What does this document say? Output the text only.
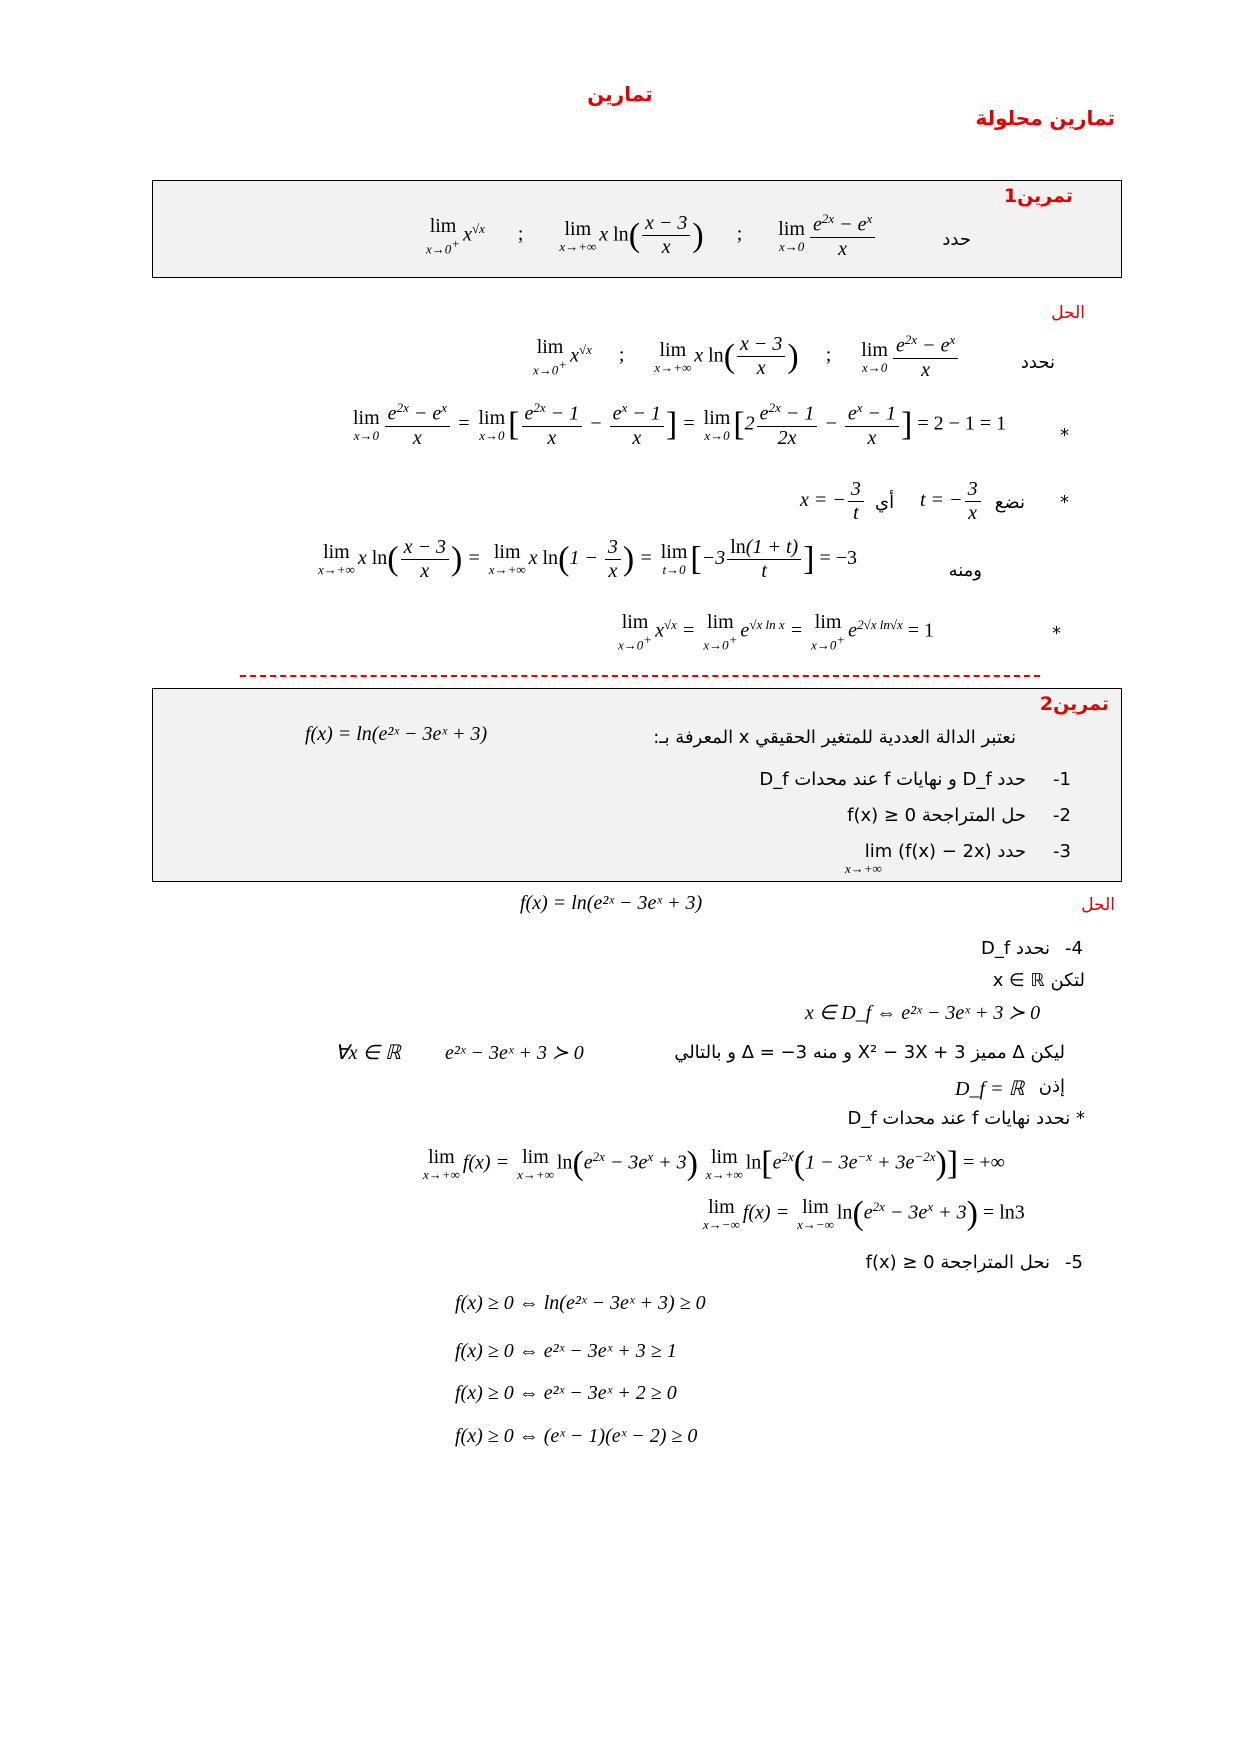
تمارين
تمارين محلولة
تمرين1
حدد
lim
x→0+ $x^{√x}$ ; lim
x→+∞
x $\ln( \frac{x - 3}{x}$ ) ; lim
$x\to 0 \frac{e^{2x} - e^x}{x}$
الحل
نحدد
lim
x→0+ $x^{√x}$ ; lim
x→+∞
x $\ln( \frac{x - 3}{x}$ ) ; lim
$x\to 0 \frac{e^{2x} - e^x}{x}$
*
lim
$x\to 0 \frac{e^{2x} - e^x}{x} = \lim$
x→0 [ $\frac{e^{2x} - 1}{x} - \frac{e^x - 1}{x}$ ] = lim
x→0 [$2 \frac{e^{2x} - 1}{2x} - \frac{e^x - 1}{x}$ ] = 2 − 1 = 1
*
نضع
t = − $\frac{3}{x}$
أي
x = − $\frac{3}{t}$
ومنه
lim
x→+∞
x $\ln( \frac{x - 3}{x}$ ) = lim
x→+∞
x $\ln(1 - \frac{3}{x}$ ) = lim
t→0 [$-3 \frac{\ln(1 + t)}{t}$ ] = −3
*
lim
x→0+ $x^{√x} = \lim$
x→0+ $e^{√x ln x} = \lim$
x→0+ $e^{2√x ln√x} = 1$
تمرين2
نعتبر الدالة العددية للمتغير الحقيقي x المعرفة بـ:
f(x) = ln(e²ˣ − 3eˣ + 3)
-1
حدد D_f و نهايات f عند محدات D_f
-2
حل المتراجحة f(x) ≥ 0
-3
حدد lim (f(x) − 2x)
x→+∞
الحل
f(x) = ln(e²ˣ − 3eˣ + 3)
-4
نحدد D_f
لتكن x ∈ ℝ
x ∈ D_f ⇔ e²ˣ − 3eˣ + 3 ≻ 0
ليكن Δ مميز X² − 3X + 3 و منه Δ = −3 و بالتالي
e²ˣ − 3eˣ + 3 ≻ 0
∀x ∈ ℝ
إذن
D_f = ℝ
* نحدد نهايات f عند محدات D_f
lim
x→+∞
f(x) = lim
x→+∞
$\ln(e^{2x} - 3e^x + 3)$ lim
x→+∞
$\ln[e^{2x}(1 - 3e^{-x} + 3e^{-2x})]$ = +∞
lim
x→−∞
f(x) = lim
x→−∞
$\ln(e^{2x} - 3e^x + 3) = \ln 3$
-5
نحل المتراجحة f(x) ≥ 0
f(x) ≥ 0 ⇔ ln(e²ˣ − 3eˣ + 3) ≥ 0
f(x) ≥ 0 ⇔ e²ˣ − 3eˣ + 3 ≥ 1
f(x) ≥ 0 ⇔ e²ˣ − 3eˣ + 2 ≥ 0
f(x) ≥ 0 ⇔ (eˣ − 1)(eˣ − 2) ≥ 0
